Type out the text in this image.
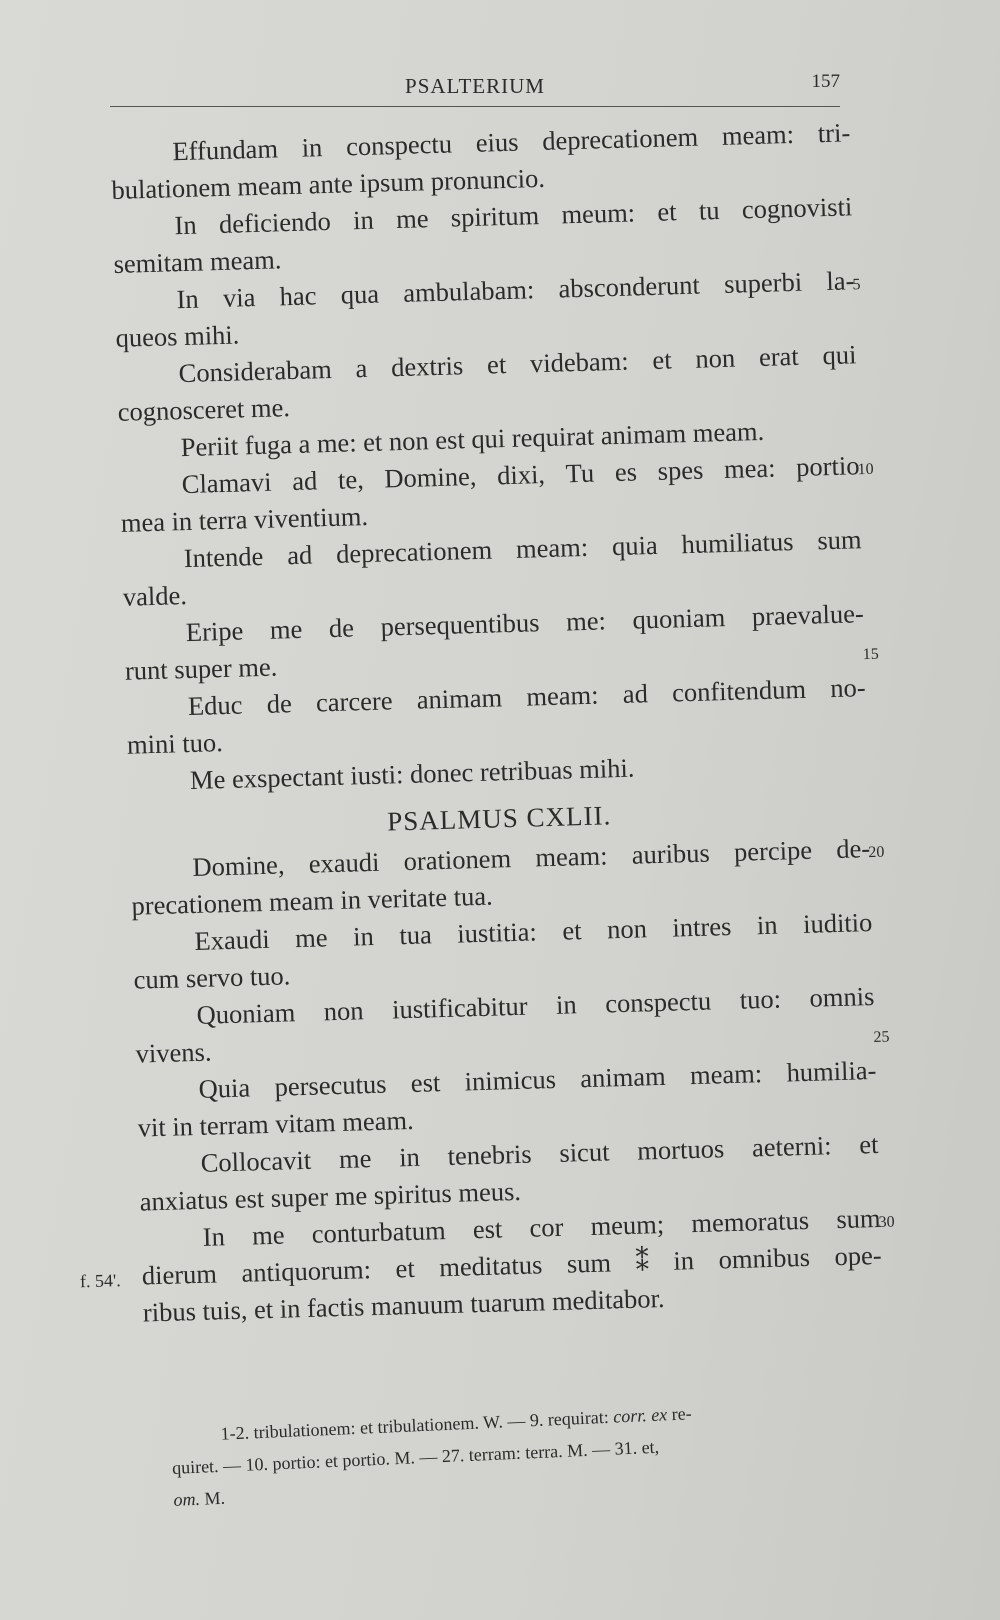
PSALTERIUM	157
Effundam in conspectu eius deprecationem meam: tri-
bulationem meam ante ipsum pronuncio.
In deficiendo in me spiritum meum: et tu cognovisti
semitam meam.
In via hac qua ambulabam: absconderunt superbi la-
5
queos mihi.
Considerabam a dextris et videbam: et non erat qui
cognosceret me.
Periit fuga a me: et non est qui requirat animam meam.
Clamavi ad te, Domine, dixi, Tu es spes mea: portio
10
mea in terra viventium.
Intende ad deprecationem meam: quia humiliatus sum
valde.
Eripe me de persequentibus me: quoniam praevalue-
runt super me.	15
Educ de carcere animam meam: ad confitendum no-
mini tuo.
Me exspectant iusti: donec retribuas mihi.
PSALMUS CXLII.
Domine, exaudi orationem meam: auribus percipe de-
20
precationem meam in veritate tua.
Exaudi me in tua iustitia: et non intres in iuditio
cum servo tuo.
Quoniam non iustificabitur in conspectu tuo: omnis
vivens.	25
Quia persecutus est inimicus animam meam: humilia-
vit in terram vitam meam.
Collocavit me in tenebris sicut mortuos aeterni: et
anxiatus est super me spiritus meus.
In me conturbatum est cor meum; memoratus sum
30
dierum antiquorum: et meditatus sum ⁑ in omnibus ope-
f. 54'.
ribus tuis, et in factis manuum tuarum meditabor.
1-2. tribulationem: et tribulationem. W. — 9. requirat: corr. ex re-
quiret. — 10. portio: et portio. M. — 27. terram: terra. M. — 31. et,
om. M.
